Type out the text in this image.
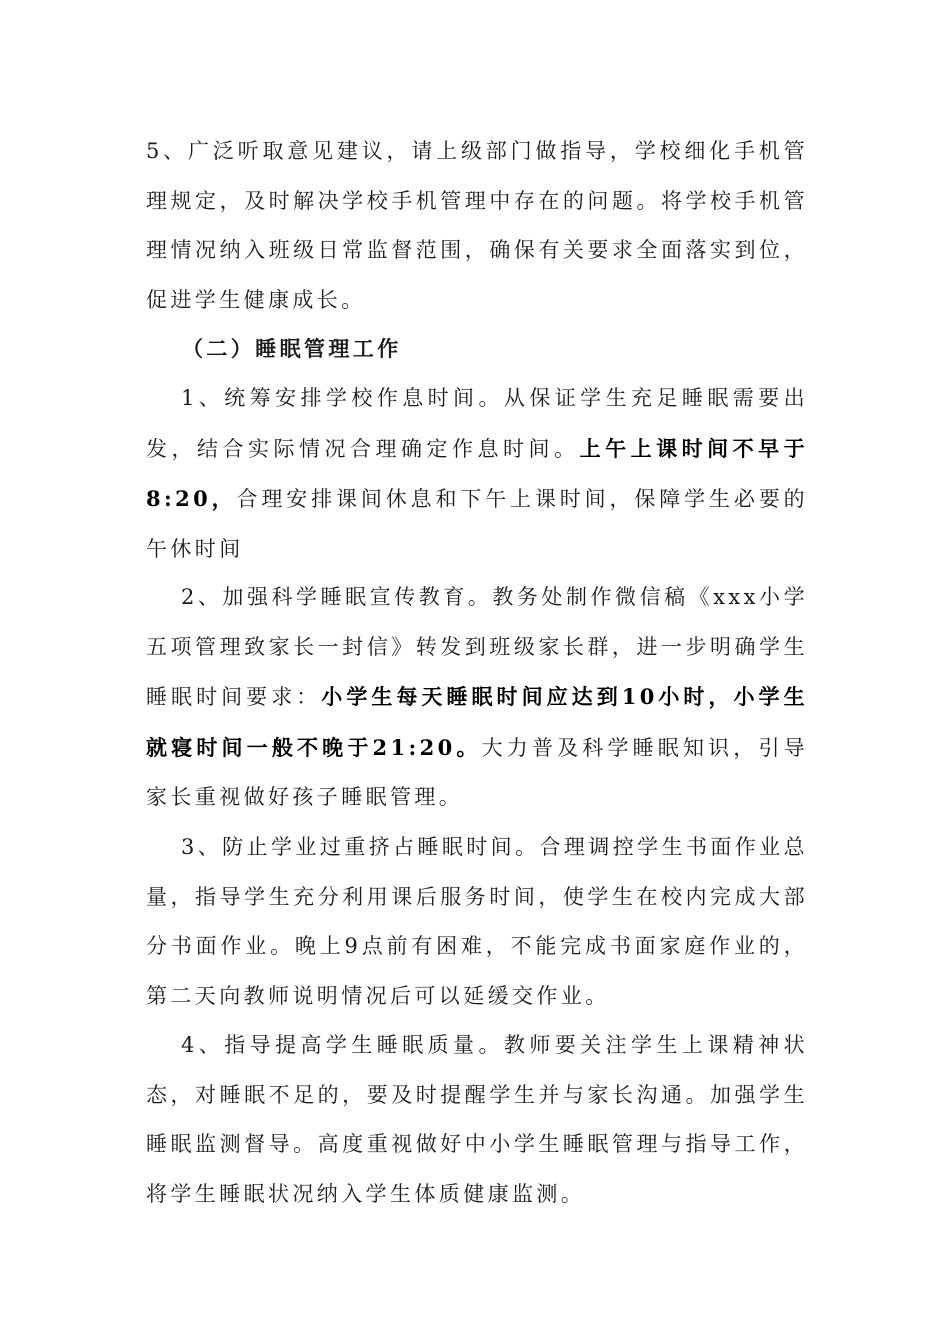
5、广泛听取意见建议，请上级部门做指导，学校细化手机管理规定，及时解决学校手机管理中存在的问题。将学校手机管理情况纳入班级日常监督范围，确保有关要求全面落实到位，促进学生健康成长。

（二）睡眠管理工作

1、统筹安排学校作息时间。从保证学生充足睡眠需要出发，结合实际情况合理确定作息时间。上午上课时间不早于8:20，合理安排课间休息和下午上课时间，保障学生必要的午休时间

2、加强科学睡眠宣传教育。教务处制作微信稿《xxx小学五项管理致家长一封信》转发到班级家长群，进一步明确学生睡眠时间要求：小学生每天睡眠时间应达到10小时，小学生就寝时间一般不晚于21:20。大力普及科学睡眠知识，引导家长重视做好孩子睡眠管理。

3、防止学业过重挤占睡眠时间。合理调控学生书面作业总量，指导学生充分利用课后服务时间，使学生在校内完成大部分书面作业。晚上9点前有困难，不能完成书面家庭作业的，第二天向教师说明情况后可以延缓交作业。

4、指导提高学生睡眠质量。教师要关注学生上课精神状态，对睡眠不足的，要及时提醒学生并与家长沟通。加强学生睡眠监测督导。高度重视做好中小学生睡眠管理与指导工作，将学生睡眠状况纳入学生体质健康监测。
